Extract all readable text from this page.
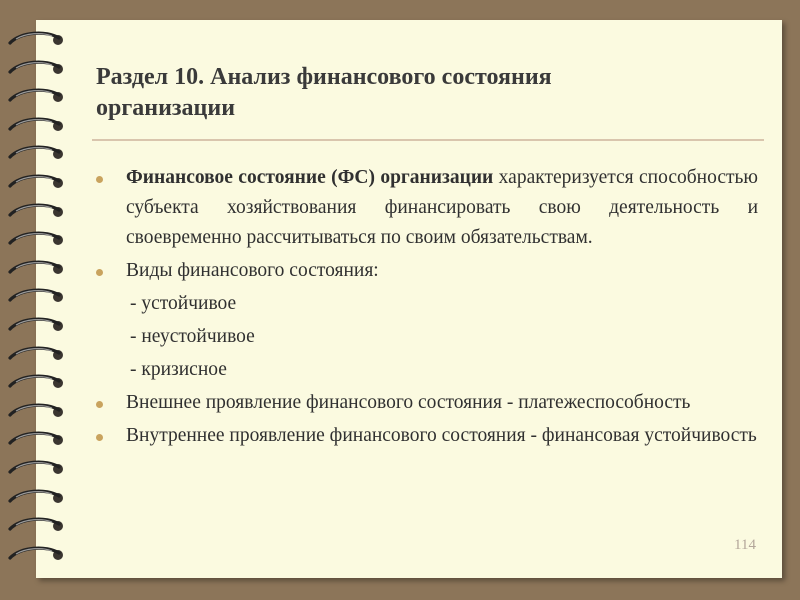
Раздел 10. Анализ финансового состояния
организации
Финансовое состояние (ФС) организации характеризуется способностью субъекта хозяйствования финансировать свою деятельность и своевременно рассчитываться по своим обязательствам.
Виды финансового состояния:
- устойчивое
- неустойчивое
- кризисное
Внешнее проявление финансового состояния - платежеспособность
Внутреннее проявление финансового состояния - финансовая устойчивость
114
